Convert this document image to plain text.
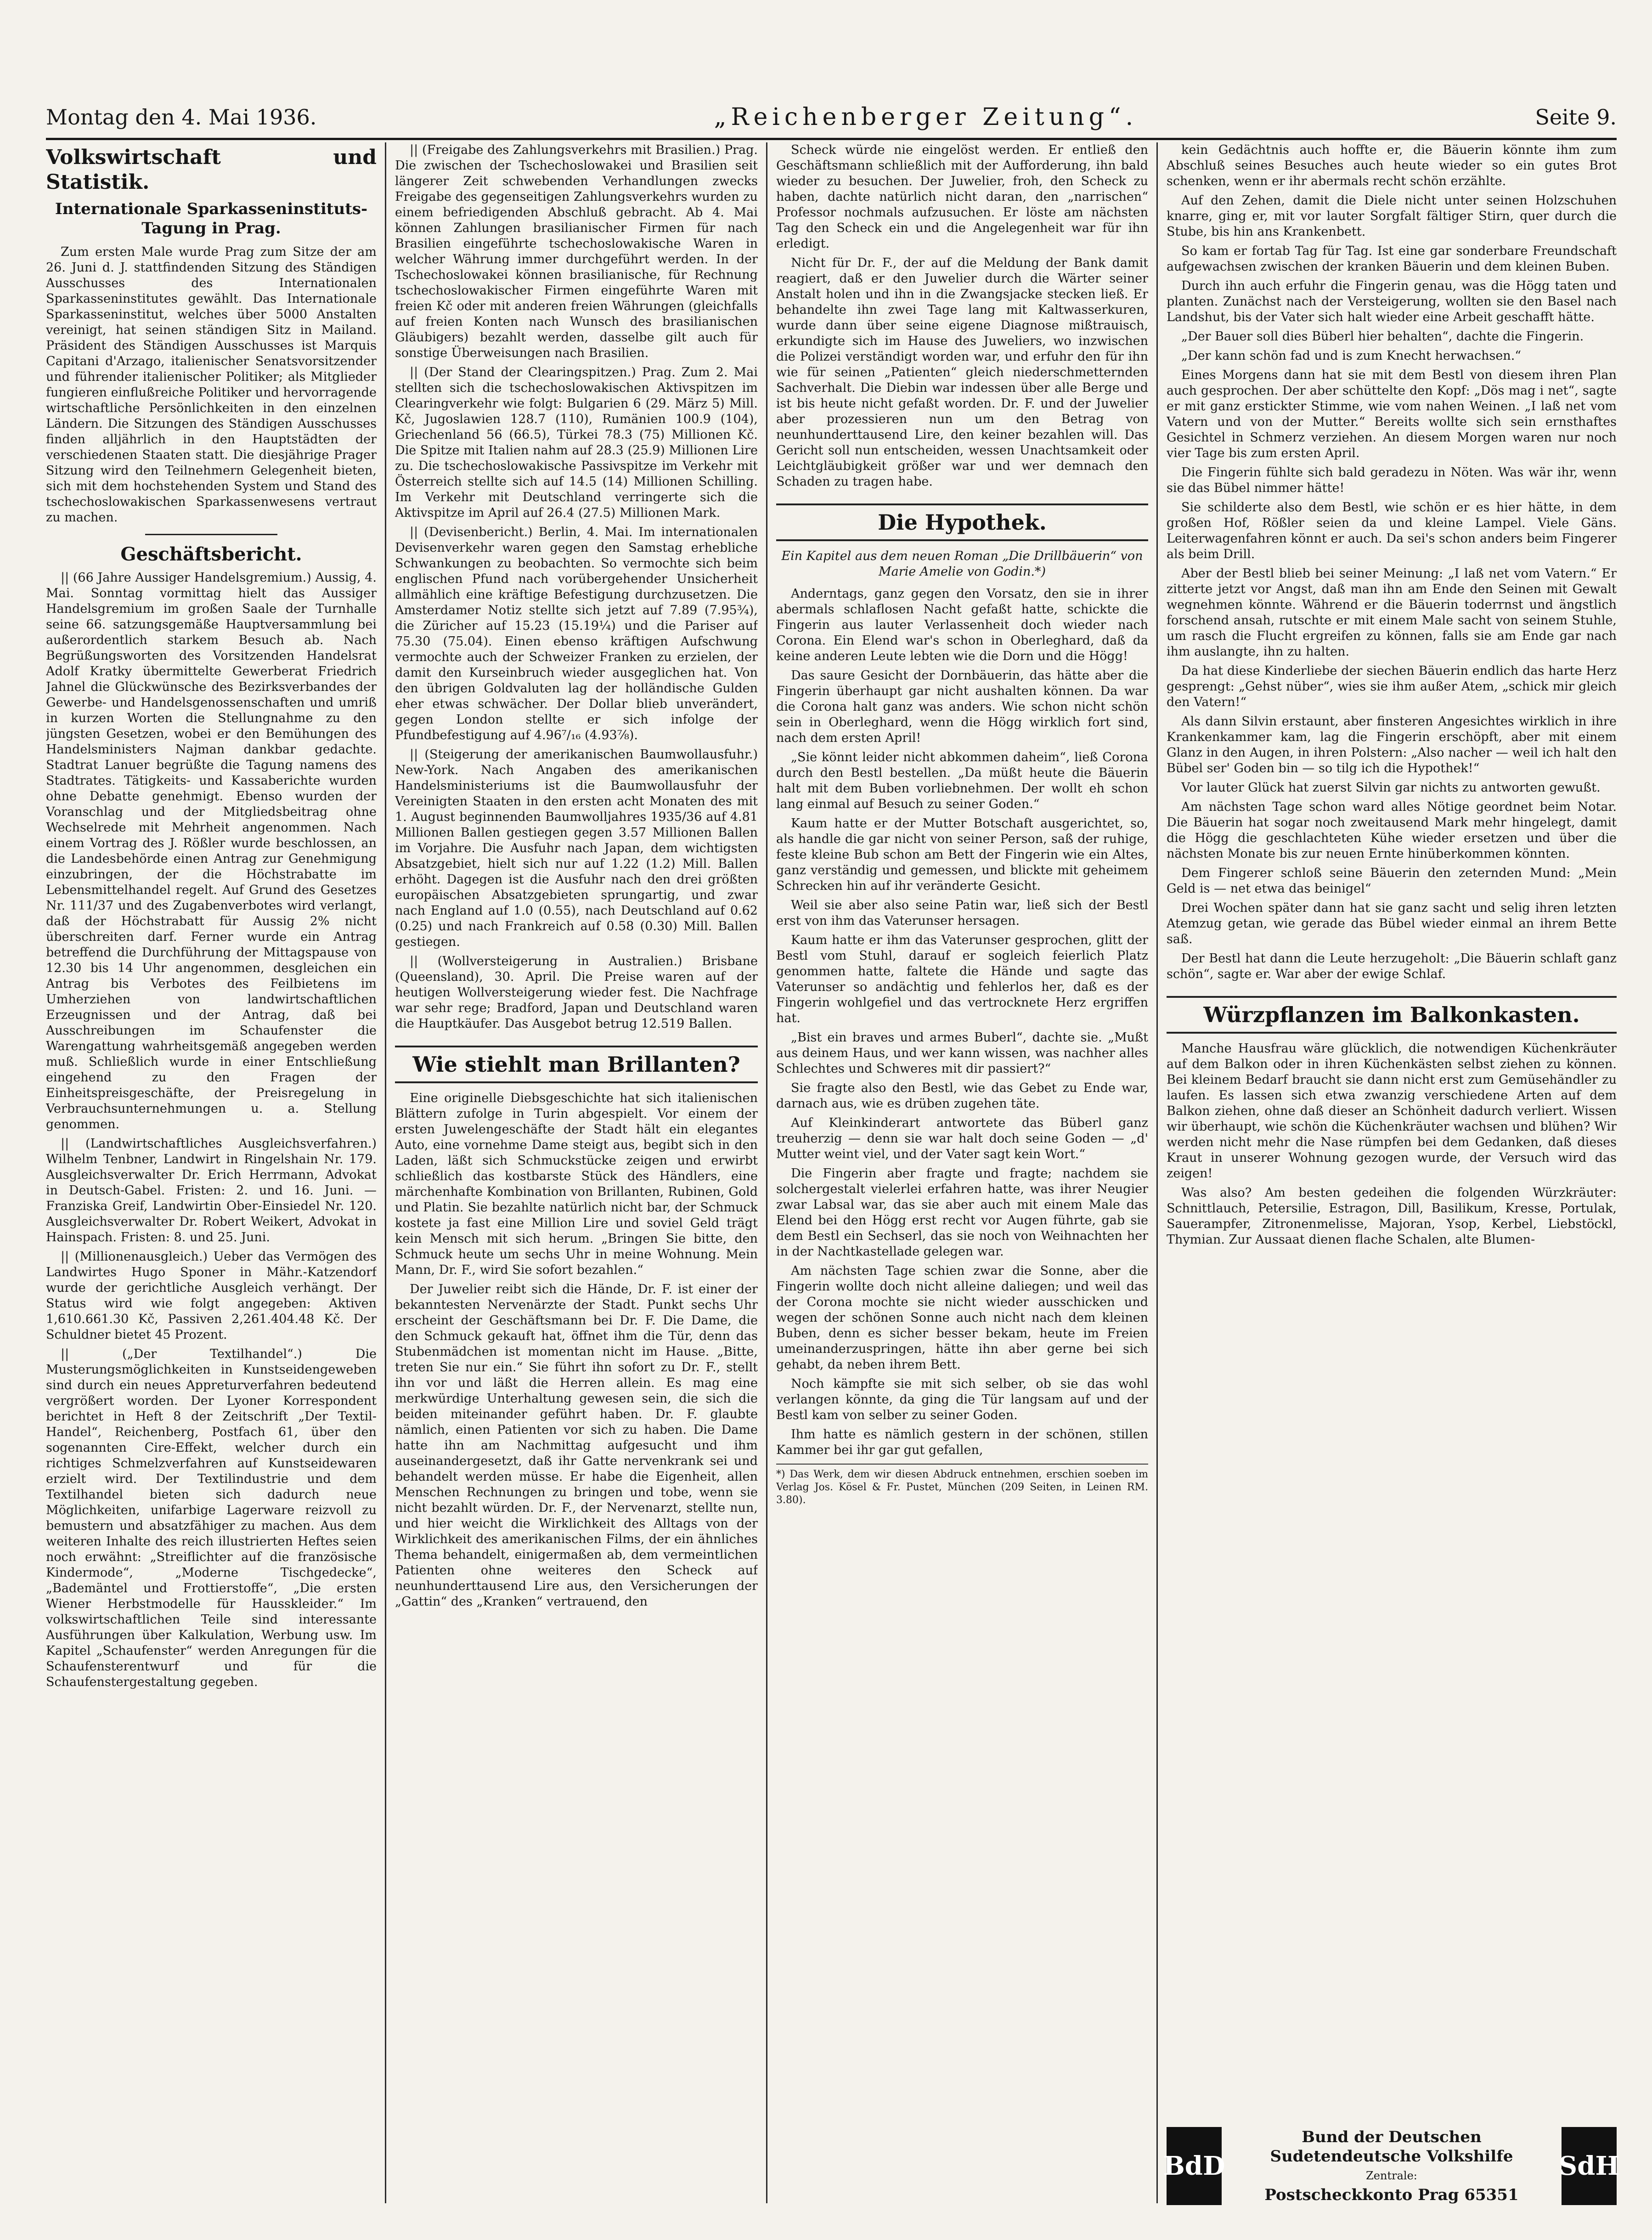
Montag den 4. Mai 1936.	„Reichenberger Zeitung“.	Seite 9.
Volkswirtschaft und Statistik.
Internationale Sparkasseninstituts-Tagung in Prag.

Zum ersten Male wurde Prag zum Sitze der am 26. Juni d. J. stattfindenden Sitzung des Ständigen Ausschusses des Internationalen Sparkasseninstitutes gewählt. Das Internationale Sparkasseninstitut, welches über 5000 Anstalten vereinigt, hat seinen ständigen Sitz in Mailand. Präsident des Ständigen Ausschusses ist Marquis Capitani d'Arzago, italienischer Senatsvorsitzender und führender italienischer Politiker; als Mitglieder fungieren einflußreiche Politiker und hervorragende wirtschaftliche Persönlichkeiten in den einzelnen Ländern. Die Sitzungen des Ständigen Ausschusses finden alljährlich in den Hauptstädten der verschiedenen Staaten statt. Die diesjährige Prager Sitzung wird den Teilnehmern Gelegenheit bieten, sich mit dem hochstehenden System und Stand des tschechoslowakischen Sparkassenwesens vertraut zu machen.

Geschäftsbericht.

|| (66 Jahre Aussiger Handelsgremium.) Aussig, 4. Mai. Sonntag vormittag hielt das Aussiger Handelsgremium im großen Saale der Turnhalle seine 66. satzungsgemäße Hauptversammlung bei außerordentlich starkem Besuch ab. Nach Begrüßungsworten des Vorsitzenden Handelsrat Adolf Kratky übermittelte Gewerberat Friedrich Jahnel die Glückwünsche des Bezirksverbandes der Gewerbe- und Handelsgenossenschaften und umriß in kurzen Worten die Stellungnahme zu den jüngsten Gesetzen, wobei er den Bemühungen des Handelsministers Najman dankbar gedachte. Stadtrat Lanuer begrüßte die Tagung namens des Stadtrates. Tätigkeits- und Kassaberichte wurden ohne Debatte genehmigt. Ebenso wurden der Voranschlag und der Mitgliedsbeitrag ohne Wechselrede mit Mehrheit angenommen. Nach einem Vortrag des J. Rößler wurde beschlossen, an die Landesbehörde einen Antrag zur Genehmigung einzubringen, der die Höchstrabatte im Lebensmittelhandel regelt. Auf Grund des Gesetzes Nr. 111/37 und des Zugabenverbotes wird verlangt, daß der Höchstrabatt für Aussig 2% nicht überschreiten darf. Ferner wurde ein Antrag betreffend die Durchführung der Mittagspause von 12.30 bis 14 Uhr angenommen, desgleichen ein Antrag bis Verbotes des Feilbietens im Umherziehen von landwirtschaftlichen Erzeugnissen und der Antrag, daß bei Ausschreibungen im Schaufenster die Warengattung wahrheitsgemäß angegeben werden muß. Schließlich wurde in einer Entschließung eingehend zu den Fragen der Einheitspreisgeschäfte, der Preisregelung in Verbrauchsunternehmungen u. a. Stellung genommen.

|| (Landwirtschaftliches Ausgleichsverfahren.) Wilhelm Tenbner, Landwirt in Ringelshain Nr. 179. Ausgleichsverwalter Dr. Erich Herrmann, Advokat in Deutsch-Gabel. Fristen: 2. und 16. Juni. — Franziska Greif, Landwirtin Ober-Einsiedel Nr. 120. Ausgleichsverwalter Dr. Robert Weikert, Advokat in Hainspach. Fristen: 8. und 25. Juni.

|| (Millionenausgleich.) Ueber das Vermögen des Landwirtes Hugo Sponer in Mähr.-Katzendorf wurde der gerichtliche Ausgleich verhängt. Der Status wird wie folgt angegeben: Aktiven 1,610.661.30 Kč, Passiven 2,261.404.48 Kč. Der Schuldner bietet 45 Prozent.

|| („Der Textilhandel“.) Die Musterungsmöglichkeiten in Kunstseidengeweben sind durch ein neues Appreturverfahren bedeutend vergrößert worden. Der Lyoner Korrespondent berichtet in Heft 8 der Zeitschrift „Der Textil-Handel“, Reichenberg, Postfach 61, über den sogenannten Cire-Effekt, welcher durch ein richtiges Schmelzverfahren auf Kunstseidewaren erzielt wird. Der Textilindustrie und dem Textilhandel bieten sich dadurch neue Möglichkeiten, unifarbige Lagerware reizvoll zu bemustern und absatzfähiger zu machen. Aus dem weiteren Inhalte des reich illustrierten Heftes seien noch erwähnt: „Streiflichter auf die französische Kindermode“, „Moderne Tischgedecke“, „Bademäntel und Frottierstoffe“, „Die ersten Wiener Herbstmodelle für Hausskleider.“ Im volkswirtschaftlichen Teile sind interessante Ausführungen über Kalkulation, Werbung usw. Im Kapitel „Schaufenster“ werden Anregungen für die Schaufensterentwurf und für die Schaufenstergestaltung gegeben.

|| (Freigabe des Zahlungsverkehrs mit Brasilien.) Prag. Die zwischen der Tschechoslowakei und Brasilien seit längerer Zeit schwebenden Verhandlungen zwecks Freigabe des gegenseitigen Zahlungsverkehrs wurden zu einem befriedigenden Abschluß gebracht. Ab 4. Mai können Zahlungen brasilianischer Firmen für nach Brasilien eingeführte tschechoslowakische Waren in welcher Währung immer durchgeführt werden. In der Tschechoslowakei können brasilianische, für Rechnung tschechoslowakischer Firmen eingeführte Waren mit freien Kč oder mit anderen freien Währungen (gleichfalls auf freien Konten nach Wunsch des brasilianischen Gläubigers) bezahlt werden, dasselbe gilt auch für sonstige Überweisungen nach Brasilien.

|| (Der Stand der Clearingspitzen.) Prag. Zum 2. Mai stellten sich die tschechoslowakischen Aktivspitzen im Clearingverkehr wie folgt: Bulgarien 6 (29. März 5) Mill. Kč, Jugoslawien 128.7 (110), Rumänien 100.9 (104), Griechenland 56 (66.5), Türkei 78.3 (75) Millionen Kč. Die Spitze mit Italien nahm auf 28.3 (25.9) Millionen Lire zu. Die tschechoslowakische Passivspitze im Verkehr mit Österreich stellte sich auf 14.5 (14) Millionen Schilling. Im Verkehr mit Deutschland verringerte sich die Aktivspitze im April auf 26.4 (27.5) Millionen Mark.

|| (Devisenbericht.) Berlin, 4. Mai. Im internationalen Devisenverkehr waren gegen den Samstag erhebliche Schwankungen zu beobachten. So vermochte sich beim englischen Pfund nach vorübergehender Unsicherheit allmählich eine kräftige Befestigung durchzusetzen. Die Amsterdamer Notiz stellte sich jetzt auf 7.89 (7.95¾), die Züricher auf 15.23 (15.19¼) und die Pariser auf 75.30 (75.04). Einen ebenso kräftigen Aufschwung vermochte auch der Schweizer Franken zu erzielen, der damit den Kurseinbruch wieder ausgeglichen hat. Von den übrigen Goldvaluten lag der holländische Gulden eher etwas schwächer. Der Dollar blieb unverändert, gegen London stellte er sich infolge der Pfundbefestigung auf 4.96⁷/₁₆ (4.93⅞).

|| (Steigerung der amerikanischen Baumwollausfuhr.) New-York. Nach Angaben des amerikanischen Handelsministeriums ist die Baumwollausfuhr der Vereinigten Staaten in den ersten acht Monaten des mit 1. August beginnenden Baumwolljahres 1935/36 auf 4.81 Millionen Ballen gestiegen gegen 3.57 Millionen Ballen im Vorjahre. Die Ausfuhr nach Japan, dem wichtigsten Absatzgebiet, hielt sich nur auf 1.22 (1.2) Mill. Ballen erhöht. Dagegen ist die Ausfuhr nach den drei größten europäischen Absatzgebieten sprungartig, und zwar nach England auf 1.0 (0.55), nach Deutschland auf 0.62 (0.25) und nach Frankreich auf 0.58 (0.30) Mill. Ballen gestiegen.

|| (Wollversteigerung in Australien.) Brisbane (Queensland), 30. April. Die Preise waren auf der heutigen Wollversteigerung wieder fest. Die Nachfrage war sehr rege; Bradford, Japan und Deutschland waren die Hauptkäufer. Das Ausgebot betrug 12.519 Ballen.

Wie stiehlt man Brillanten?

Eine originelle Diebsgeschichte hat sich italienischen Blättern zufolge in Turin abgespielt. Vor einem der ersten Juwelengeschäfte der Stadt hält ein elegantes Auto, eine vornehme Dame steigt aus, begibt sich in den Laden, läßt sich Schmuckstücke zeigen und erwirbt schließlich das kostbarste Stück des Händlers, eine märchenhafte Kombination von Brillanten, Rubinen, Gold und Platin. Sie bezahlte natürlich nicht bar, der Schmuck kostete ja fast eine Million Lire und soviel Geld trägt kein Mensch mit sich herum. „Bringen Sie bitte, den Schmuck heute um sechs Uhr in meine Wohnung. Mein Mann, Dr. F., wird Sie sofort bezahlen.“

Der Juwelier reibt sich die Hände, Dr. F. ist einer der bekanntesten Nervenärzte der Stadt. Punkt sechs Uhr erscheint der Geschäftsmann bei Dr. F. Die Dame, die den Schmuck gekauft hat, öffnet ihm die Tür, denn das Stubenmädchen ist momentan nicht im Hause. „Bitte, treten Sie nur ein.“ Sie führt ihn sofort zu Dr. F., stellt ihn vor und läßt die Herren allein. Es mag eine merkwürdige Unterhaltung gewesen sein, die sich die beiden miteinander geführt haben. Dr. F. glaubte nämlich, einen Patienten vor sich zu haben. Die Dame hatte ihn am Nachmittag aufgesucht und ihm auseinandergesetzt, daß ihr Gatte nervenkrank sei und behandelt werden müsse. Er habe die Eigenheit, allen Menschen Rechnungen zu bringen und tobe, wenn sie nicht bezahlt würden. Dr. F., der Nervenarzt, stellte nun, und hier weicht die Wirklichkeit des Alltags von der Wirklichkeit des amerikanischen Films, der ein ähnliches Thema behandelt, einigermaßen ab, dem vermeintlichen Patienten ohne weiteres den Scheck auf neunhunderttausend Lire aus, den Versicherungen der „Gattin“ des „Kranken“ vertrauend, den

Scheck würde nie eingelöst werden. Er entließ den Geschäftsmann schließlich mit der Aufforderung, ihn bald wieder zu besuchen. Der Juwelier, froh, den Scheck zu haben, dachte natürlich nicht daran, den „narrischen“ Professor nochmals aufzusuchen. Er löste am nächsten Tag den Scheck ein und die Angelegenheit war für ihn erledigt.

Nicht für Dr. F., der auf die Meldung der Bank damit reagiert, daß er den Juwelier durch die Wärter seiner Anstalt holen und ihn in die Zwangsjacke stecken ließ. Er behandelte ihn zwei Tage lang mit Kaltwasserkuren, wurde dann über seine eigene Diagnose mißtrauisch, erkundigte sich im Hause des Juweliers, wo inzwischen die Polizei verständigt worden war, und erfuhr den für ihn wie für seinen „Patienten“ gleich niederschmetternden Sachverhalt. Die Diebin war indessen über alle Berge und ist bis heute nicht gefaßt worden. Dr. F. und der Juwelier aber prozessieren nun um den Betrag von neunhunderttausend Lire, den keiner bezahlen will. Das Gericht soll nun entscheiden, wessen Unachtsamkeit oder Leichtgläubigkeit größer war und wer demnach den Schaden zu tragen habe.

Die Hypothek.
Ein Kapitel aus dem neuen Roman „Die Drillbäuerin“ von Marie Amelie von Godin.*)

Anderntags, ganz gegen den Vorsatz, den sie in ihrer abermals schlaflosen Nacht gefaßt hatte, schickte die Fingerin aus lauter Verlassenheit doch wieder nach Corona. Ein Elend war's schon in Oberleghard, daß da keine anderen Leute lebten wie die Dorn und die Högg!

Das saure Gesicht der Dornbäuerin, das hätte aber die Fingerin überhaupt gar nicht aushalten können. Da war die Corona halt ganz was anders. Wie schon nicht schön sein in Oberleghard, wenn die Högg wirklich fort sind, nach dem ersten April!

„Sie könnt leider nicht abkommen daheim“, ließ Corona durch den Bestl bestellen. „Da müßt heute die Bäuerin halt mit dem Buben vorliebnehmen. Der wollt eh schon lang einmal auf Besuch zu seiner Goden.“

Kaum hatte er der Mutter Botschaft ausgerichtet, so, als handle die gar nicht von seiner Person, saß der ruhige, feste kleine Bub schon am Bett der Fingerin wie ein Altes, ganz verständig und gemessen, und blickte mit geheimem Schrecken hin auf ihr veränderte Gesicht.

Weil sie aber also seine Patin war, ließ sich der Bestl erst von ihm das Vaterunser hersagen.

Kaum hatte er ihm das Vaterunser gesprochen, glitt der Bestl vom Stuhl, darauf er sogleich feierlich Platz genommen hatte, faltete die Hände und sagte das Vaterunser so andächtig und fehlerlos her, daß es der Fingerin wohlgefiel und das vertrocknete Herz ergriffen hat.

„Bist ein braves und armes Buberl“, dachte sie. „Mußt aus deinem Haus, und wer kann wissen, was nachher alles Schlechtes und Schweres mit dir passiert?“

Sie fragte also den Bestl, wie das Gebet zu Ende war, darnach aus, wie es drüben zugehen täte.

Auf Kleinkinderart antwortete das Büberl ganz treuherzig — denn sie war halt doch seine Goden — „d' Mutter weint viel, und der Vater sagt kein Wort.“

Die Fingerin aber fragte und fragte; nachdem sie solchergestalt vielerlei erfahren hatte, was ihrer Neugier zwar Labsal war, das sie aber auch mit einem Male das Elend bei den Högg erst recht vor Augen führte, gab sie dem Bestl ein Sechserl, das sie noch von Weihnachten her in der Nachtkastellade gelegen war.

Am nächsten Tage schien zwar die Sonne, aber die Fingerin wollte doch nicht alleine daliegen; und weil das der Corona mochte sie nicht wieder ausschicken und wegen der schönen Sonne auch nicht nach dem kleinen Buben, denn es sicher besser bekam, heute im Freien umeinanderzuspringen, hätte ihn aber gerne bei sich gehabt, da neben ihrem Bett.

Noch kämpfte sie mit sich selber, ob sie das wohl verlangen könnte, da ging die Tür langsam auf und der Bestl kam von selber zu seiner Goden.

Ihm hatte es nämlich gestern in der schönen, stillen Kammer bei ihr gar gut gefallen,

*) Das Werk, dem wir diesen Abdruck entnehmen, erschien soeben im Verlag Jos. Kösel & Fr. Pustet, München (209 Seiten, in Leinen RM. 3.80).

kein Gedächtnis auch hoffte er, die Bäuerin könnte ihm zum Abschluß seines Besuches auch heute wieder so ein gutes Brot schenken, wenn er ihr abermals recht schön erzählte.

Auf den Zehen, damit die Diele nicht unter seinen Holzschuhen knarre, ging er, mit vor lauter Sorgfalt fältiger Stirn, quer durch die Stube, bis hin ans Krankenbett.

So kam er fortab Tag für Tag. Ist eine gar sonderbare Freundschaft aufgewachsen zwischen der kranken Bäuerin und dem kleinen Buben.

Durch ihn auch erfuhr die Fingerin genau, was die Högg taten und planten. Zunächst nach der Versteigerung, wollten sie den Basel nach Landshut, bis der Vater sich halt wieder eine Arbeit geschafft hätte.

„Der Bauer soll dies Büberl hier behalten“, dachte die Fingerin.

„Der kann schön fad und is zum Knecht herwachsen.“

Eines Morgens dann hat sie mit dem Bestl von diesem ihren Plan auch gesprochen. Der aber schüttelte den Kopf: „Dös mag i net“, sagte er mit ganz erstickter Stimme, wie vom nahen Weinen. „I laß net vom Vatern und von der Mutter.“ Bereits wollte sich sein ernsthaftes Gesichtel in Schmerz verziehen. An diesem Morgen waren nur noch vier Tage bis zum ersten April.

Die Fingerin fühlte sich bald geradezu in Nöten. Was wär ihr, wenn sie das Bübel nimmer hätte!

Sie schilderte also dem Bestl, wie schön er es hier hätte, in dem großen Hof, Rößler seien da und kleine Lampel. Viele Gäns. Leiterwagenfahren könnt er auch. Da sei's schon anders beim Fingerer als beim Drill.

Aber der Bestl blieb bei seiner Meinung: „I laß net vom Vatern.“ Er zitterte jetzt vor Angst, daß man ihn am Ende den Seinen mit Gewalt wegnehmen könnte. Während er die Bäuerin toderrnst und ängstlich forschend ansah, rutschte er mit einem Male sacht von seinem Stuhle, um rasch die Flucht ergreifen zu können, falls sie am Ende gar nach ihm auslangte, ihn zu halten.

Da hat diese Kinderliebe der siechen Bäuerin endlich das harte Herz gesprengt: „Gehst nüber“, wies sie ihm außer Atem, „schick mir gleich den Vatern!“

Als dann Silvin erstaunt, aber finsteren Angesichtes wirklich in ihre Krankenkammer kam, lag die Fingerin erschöpft, aber mit einem Glanz in den Augen, in ihren Polstern: „Also nacher — weil ich halt den Bübel ser' Goden bin — so tilg ich die Hypothek!“

Vor lauter Glück hat zuerst Silvin gar nichts zu antworten gewußt.

Am nächsten Tage schon ward alles Nötige geordnet beim Notar. Die Bäuerin hat sogar noch zweitausend Mark mehr hingelegt, damit die Högg die geschlachteten Kühe wieder ersetzen und über die nächsten Monate bis zur neuen Ernte hinüberkommen könnten.

Dem Fingerer schloß seine Bäuerin den zeternden Mund: „Mein Geld is — net etwa das beinigel“

Drei Wochen später dann hat sie ganz sacht und selig ihren letzten Atemzug getan, wie gerade das Bübel wieder einmal an ihrem Bette saß.

Der Bestl hat dann die Leute herzugeholt: „Die Bäuerin schlaft ganz schön“, sagte er. War aber der ewige Schlaf.

Würzpflanzen im Balkonkasten.

Manche Hausfrau wäre glücklich, die notwendigen Küchenkräuter auf dem Balkon oder in ihren Küchenkästen selbst ziehen zu können. Bei kleinem Bedarf braucht sie dann nicht erst zum Gemüsehändler zu laufen. Es lassen sich etwa zwanzig verschiedene Arten auf dem Balkon ziehen, ohne daß dieser an Schönheit dadurch verliert. Wissen wir überhaupt, wie schön die Küchenkräuter wachsen und blühen? Wir werden nicht mehr die Nase rümpfen bei dem Gedanken, daß dieses Kraut in unserer Wohnung gezogen wurde, der Versuch wird das zeigen!

Was also? Am besten gedeihen die folgenden Würzkräuter: Schnittlauch, Petersilie, Estragon, Dill, Basilikum, Kresse, Portulak, Sauerampfer, Zitronenmelisse, Majoran, Ysop, Kerbel, Liebstöckl, Thymian. Zur Aussaat dienen flache Schalen, alte Blumen-

BdD
Bund der Deutschen
Sudetendeutsche Volkshilfe
Zentrale:
Postscheckkonto Prag 65351
SdH
